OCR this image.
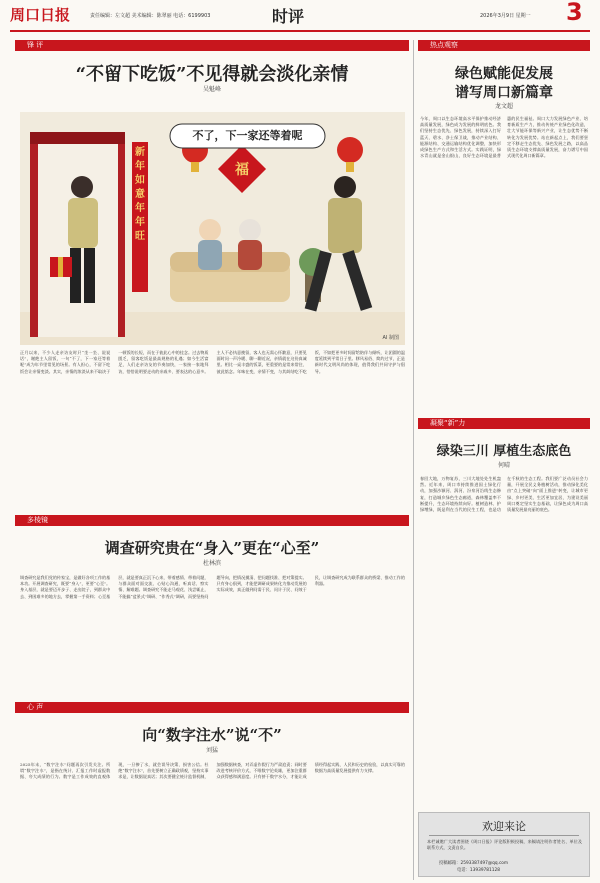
周口日报	责任编辑：左文超 美术编辑：陈翠丽 电话：6199903	2026年3月9日 星期一
时评	3
锋 评
“不留下吃饭”不见得就会淡化亲情
吴魁峰
不了，下一家还等着呢
新年如意年年旺
福
AI 制图
正月以来，不少人走亲访友时只“坐一坐、说说话”，谢绝主人留饭，一句“不了，下一家还等着呢”成为年节里常见的场景。有人担心，不留下吃饭会让亲情变淡。其实，亲情的浓淡从来不取决于一顿饭的长短，而在于彼此心中的挂念。过去物质匮乏，留客吃饭是最高规格的礼遇；如今生活富足，人们走亲访友的节奏加快，一家接一家地拜访，恰恰说明要走动的亲戚多、要表达的心意多。主人不必执意挽留，客人也无需心怀歉意，只要见面时问一声冷暖、聊一聊近况，亲情就在这份真诚里。相比一桌丰盛的饭菜，更重要的是常来常往、彼此惦念。年味在变，亲情不变，与其纠结吃不吃饭，不如把更多时间留给陪伴与倾听，让团圆的温度延续到平常日子里。移风易俗、简约过节，正是新时代文明风尚的体现，值得我们共同守护与倡导。
多棱镜
调查研究贵在“身入”更在“心至”
杜林滨
调查研究是我们党的传家宝，是做好各项工作的基本功。开展调查研究，既要“身入”，更要“心至”。身入基层，就是要迈开步子、走出院子，到群众中去、到困难多的地方去，掌握第一手资料；心至基层，就是要真正沉下心来，带着感情、带着问题，与群众面对面交流、心贴心沟通，听真话、察实情、解难题。调查研究不能走马观花、浅尝辄止，不能搞“盆景式”调研、“作秀式”调研，而要坚持问题导向，把情况摸清、把问题找准、把对策提实。只有身心俱到，才能把调研成果转化为推动发展的实际成效，真正做到问需于民、问计于民、问效于民，让调查研究成为联系群众的桥梁、推动工作的利器。
心 声
向“数字注水”说“不”
刘猛
2025年末，“数字注水”问题再次引发关注。所谓“数字注水”，是指在统计、汇报工作时虚报数据、夸大成绩的行为。数字是工作成效的直观体现，一旦掺了水，就会误导决策、损害公信。杜绝“数字注水”，首先要树立正确政绩观，坚持实事求是，让数据说真话；其次要健全统计监督机制，加强数据核查，对弄虚作假行为严肃追责；同时要改进考核评价方式，不唯数字论英雄，更加注重群众获得感和满意度。只有挤干数字水分，才能让成绩经得起实践、人民和历史的检验，以真实可靠的数据为高质量发展提供有力支撑。
热点观察
绿色赋能促发展
谱写周口新篇章
龙文超
今年，周口以生态环境高水平保护推动经济高质量发展，绿色成为发展的鲜明底色。我们坚持生态优先、绿色发展，持续深入打好蓝天、碧水、净土保卫战，推动产业结构、能源结构、交通运输结构优化调整，加快形成绿色生产方式和生活方式。实践证明，绿水青山就是金山银山，良好生态环境是最普惠的民生福祉。周口大力发展绿色产业、培育新质生产力，推动传统产业绿色化改造，壮大节能环保等新兴产业，让生态优势不断转化为发展优势。站在新起点上，我们要坚定不移走生态优先、绿色发展之路，以高品质生态环境支撑高质量发展，奋力谱写中国式现代化周口新篇章。
凝聚“新”力
绿染三川 厚植生态底色
何晴
春回大地，万物复苏，三川大地处处生机盎然。近年来，周口市持续推进国土绿化行动，加强沙颍河、涡河、汾泉河沿线生态修复，打造城乡绿色生态廊道，森林覆盖率不断提升，生态环境持续向好。植树造林、护绿增绿，既是利在当代的民生工程，也是功在千秋的生态工程。我们要广泛动员社会力量，开展全民义务植树活动，推动绿化美化由“点上突破”向“面上推进”转变，让城市更绿、乡村更美、生活更加宜居，为建设美丽周口奠定坚实生态基础，让绿色成为周口高质量发展最亮丽的底色。
欢迎来论
本栏诚邀广大读者围绕《周口日报》评论版积极投稿，来稿请注明作者姓名、单位及联系方式，文责自负。
投稿邮箱：2593387497@qq.com
电话：13939781128
